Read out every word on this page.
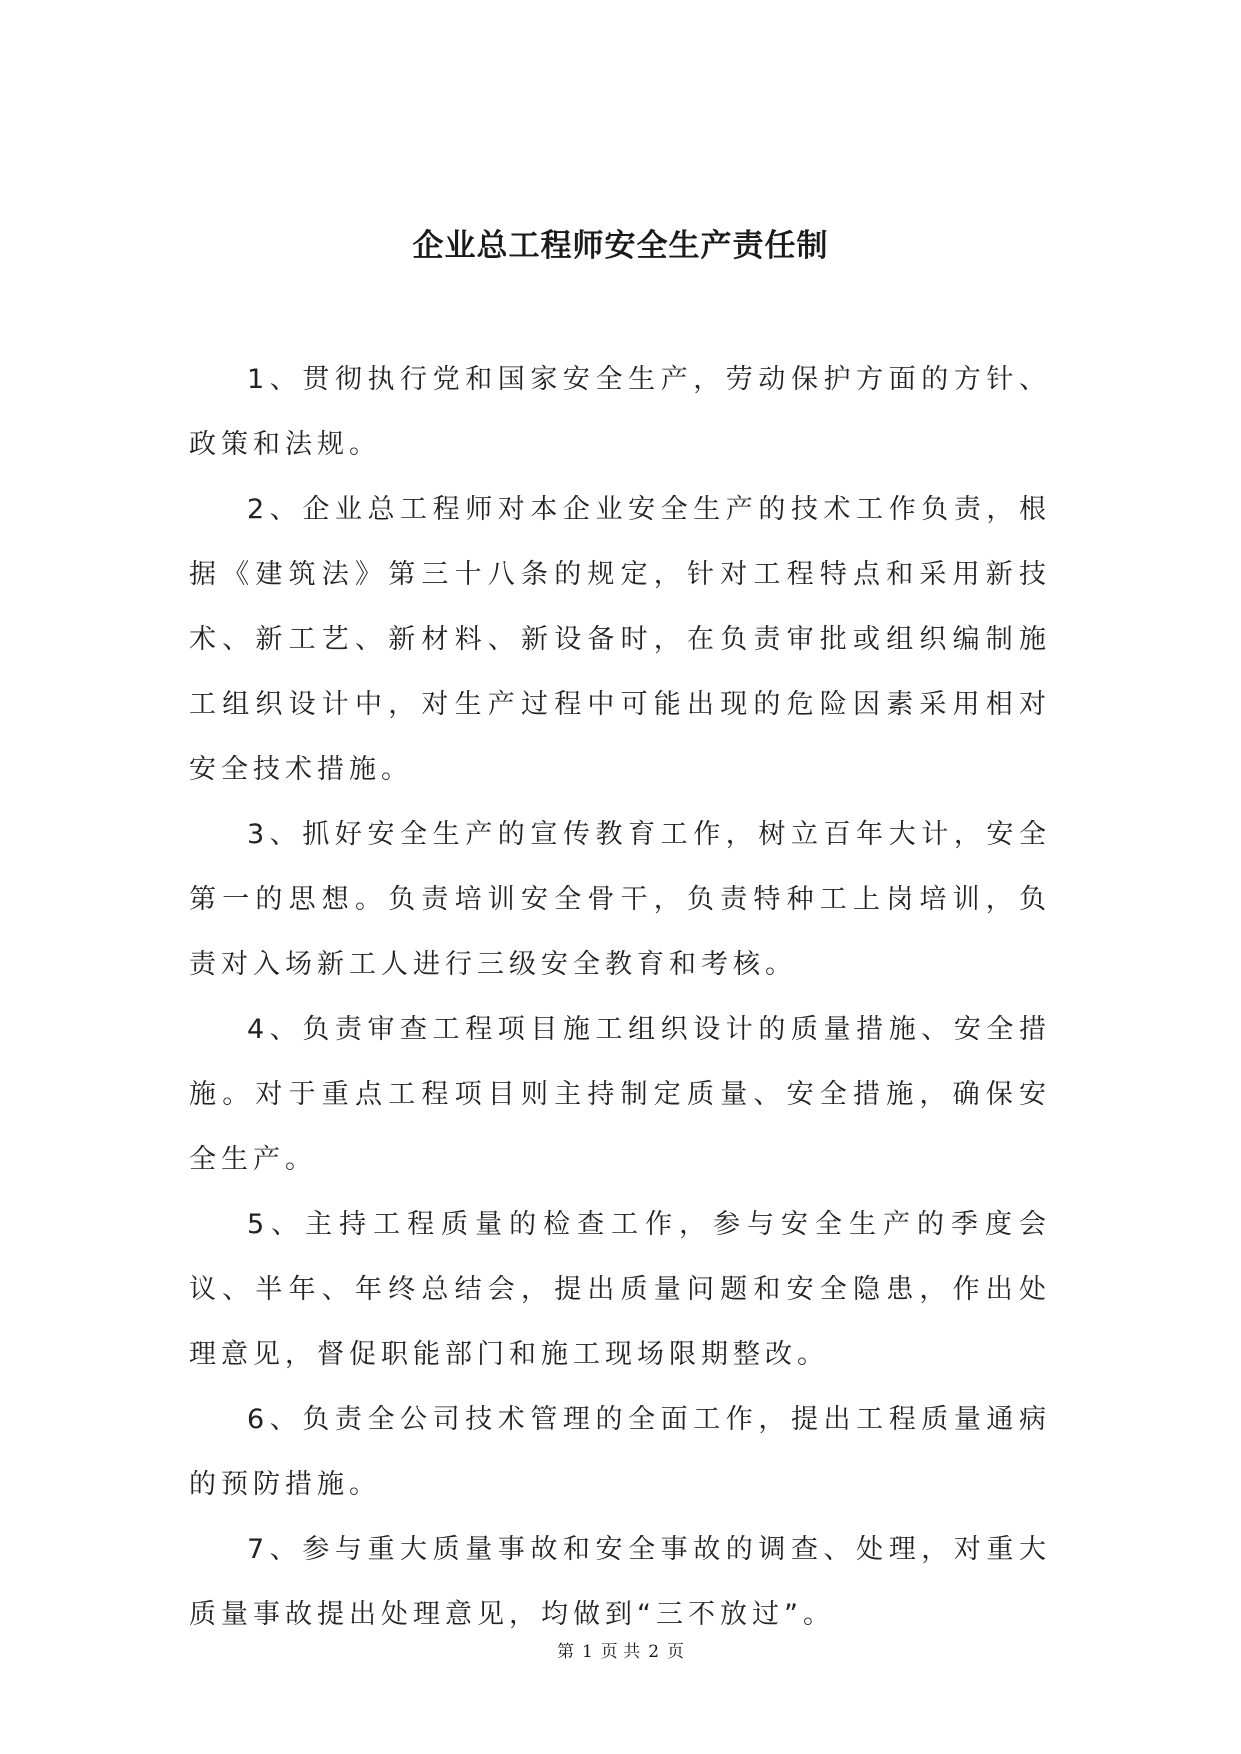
企业总工程师安全生产责任制

1、贯彻执行党和国家安全生产，劳动保护方面的方针、政策和法规。

2、企业总工程师对本企业安全生产的技术工作负责，根据《建筑法》第三十八条的规定，针对工程特点和采用新技术、新工艺、新材料、新设备时，在负责审批或组织编制施工组织设计中，对生产过程中可能出现的危险因素采用相对安全技术措施。

3、抓好安全生产的宣传教育工作，树立百年大计，安全第一的思想。负责培训安全骨干，负责特种工上岗培训，负责对入场新工人进行三级安全教育和考核。

4、负责审查工程项目施工组织设计的质量措施、安全措施。对于重点工程项目则主持制定质量、安全措施，确保安全生产。

5、主持工程质量的检查工作，参与安全生产的季度会议、半年、年终总结会，提出质量问题和安全隐患，作出处理意见，督促职能部门和施工现场限期整改。

6、负责全公司技术管理的全面工作，提出工程质量通病的预防措施。

7、参与重大质量事故和安全事故的调查、处理，对重大质量事故提出处理意见，均做到“三不放过”。

第 1 页 共 2 页
